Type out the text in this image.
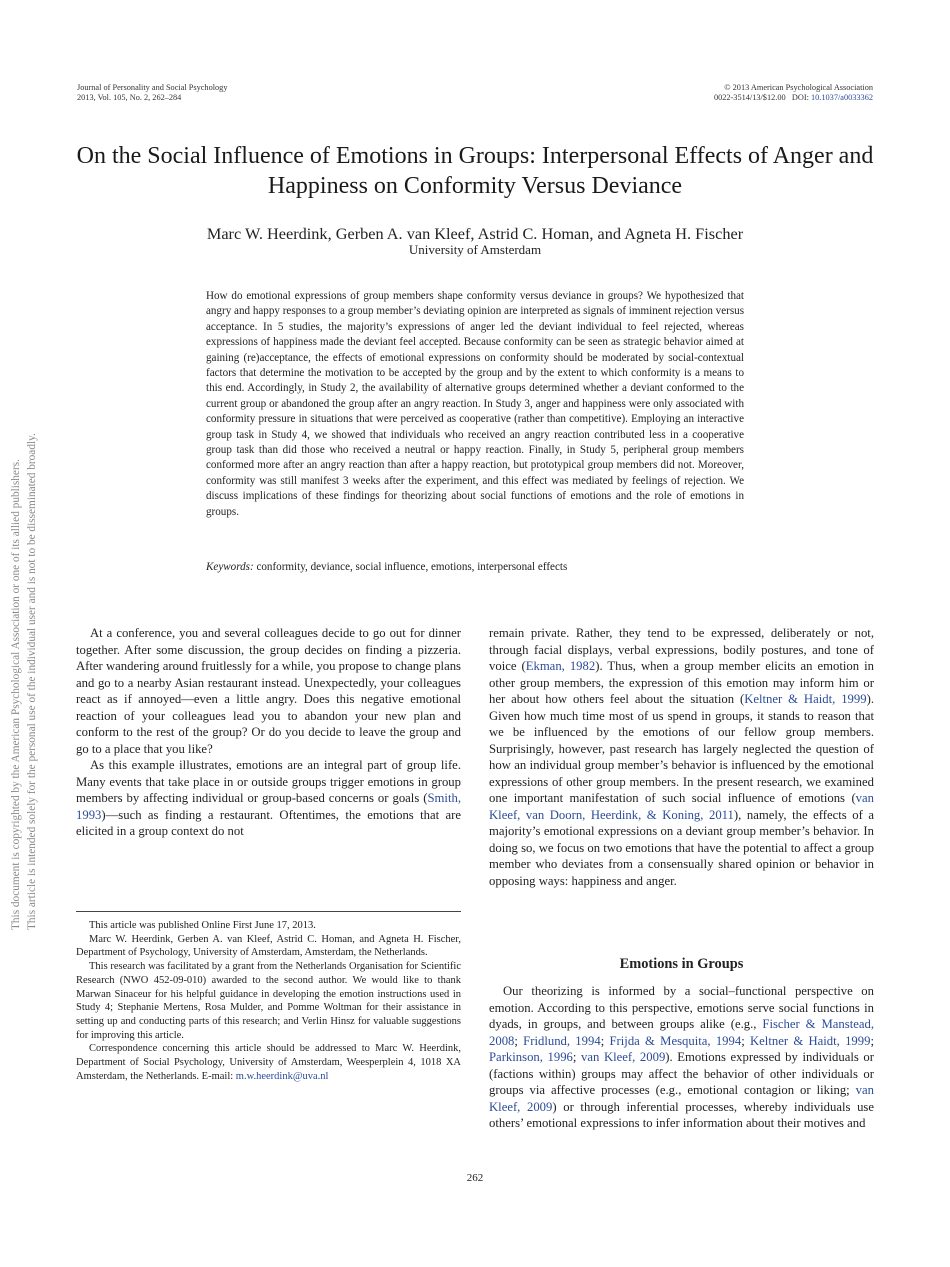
This document is copyrighted by the American Psychological Association or one of its allied publishers. This article is intended solely for the personal use of the individual user and is not to be disseminated broadly.
Journal of Personality and Social Psychology
2013, Vol. 105, No. 2, 262–284
© 2013 American Psychological Association
0022-3514/13/$12.00 DOI: 10.1037/a0033362
On the Social Influence of Emotions in Groups: Interpersonal Effects of Anger and Happiness on Conformity Versus Deviance
Marc W. Heerdink, Gerben A. van Kleef, Astrid C. Homan, and Agneta H. Fischer
University of Amsterdam
How do emotional expressions of group members shape conformity versus deviance in groups? We hypothesized that angry and happy responses to a group member’s deviating opinion are interpreted as signals of imminent rejection versus acceptance. In 5 studies, the majority’s expressions of anger led the deviant individual to feel rejected, whereas expressions of happiness made the deviant feel accepted. Because conformity can be seen as strategic behavior aimed at gaining (re)acceptance, the effects of emotional expressions on conformity should be moderated by social-contextual factors that determine the motivation to be accepted by the group and by the extent to which conformity is a means to this end. Accordingly, in Study 2, the availability of alternative groups determined whether a deviant conformed to the current group or abandoned the group after an angry reaction. In Study 3, anger and happiness were only associated with conformity pressure in situations that were perceived as cooperative (rather than competitive). Employing an interactive group task in Study 4, we showed that individuals who received an angry reaction contributed less in a cooperative group task than did those who received a neutral or happy reaction. Finally, in Study 5, peripheral group members conformed more after an angry reaction than after a happy reaction, but prototypical group members did not. Moreover, conformity was still manifest 3 weeks after the experiment, and this effect was mediated by feelings of rejection. We discuss implications of these findings for theorizing about social functions of emotions and the role of emotions in groups.
Keywords: conformity, deviance, social influence, emotions, interpersonal effects

At a conference, you and several colleagues decide to go out for dinner together. After some discussion, the group decides on finding a pizzeria. After wandering around fruitlessly for a while, you propose to change plans and go to a nearby Asian restaurant instead. Unexpectedly, your colleagues react as if annoyed—even a little angry. Does this negative emotional reaction of your colleagues lead you to abandon your new plan and conform to the rest of the group? Or do you decide to leave the group and go to a place that you like?

As this example illustrates, emotions are an integral part of group life. Many events that take place in or outside groups trigger emotions in group members by affecting individual or group-based concerns or goals (Smith, 1993)—such as finding a restaurant. Oftentimes, the emotions that are elicited in a group context do not

This article was published Online First June 17, 2013.

Marc W. Heerdink, Gerben A. van Kleef, Astrid C. Homan, and Agneta H. Fischer, Department of Psychology, University of Amsterdam, Amsterdam, the Netherlands.

This research was facilitated by a grant from the Netherlands Organisation for Scientific Research (NWO 452-09-010) awarded to the second author. We would like to thank Marwan Sinaceur for his helpful guidance in developing the emotion instructions used in Study 4; Stephanie Mertens, Rosa Mulder, and Pomme Woltman for their assistance in setting up and conducting parts of this research; and Verlin Hinsz for valuable suggestions for improving this article.

Correspondence concerning this article should be addressed to Marc W. Heerdink, Department of Social Psychology, University of Amsterdam, Weesperplein 4, 1018 XA Amsterdam, the Netherlands. E-mail: m.w.heerdink@uva.nl

remain private. Rather, they tend to be expressed, deliberately or not, through facial displays, verbal expressions, bodily postures, and tone of voice (Ekman, 1982). Thus, when a group member elicits an emotion in other group members, the expression of this emotion may inform him or her about how others feel about the situation (Keltner & Haidt, 1999). Given how much time most of us spend in groups, it stands to reason that we be influenced by the emotions of our fellow group members. Surprisingly, however, past research has largely neglected the question of how an individual group member’s behavior is influenced by the emotional expressions of other group members. In the present research, we examined one important manifestation of such social influence of emotions (van Kleef, van Doorn, Heerdink, & Koning, 2011), namely, the effects of a majority’s emotional expressions on a deviant group member’s behavior. In doing so, we focus on two emotions that have the potential to affect a group member who deviates from a consensually shared opinion or behavior in opposing ways: happiness and anger.

Emotions in Groups

Our theorizing is informed by a social–functional perspective on emotion. According to this perspective, emotions serve social functions in dyads, in groups, and between groups alike (e.g., Fischer & Manstead, 2008; Fridlund, 1994; Frijda & Mesquita, 1994; Keltner & Haidt, 1999; Parkinson, 1996; van Kleef, 2009). Emotions expressed by individuals or (factions within) groups may affect the behavior of other individuals or groups via affective processes (e.g., emotional contagion or liking; van Kleef, 2009) or through inferential processes, whereby individuals use others’ emotional expressions to infer information about their motives and

262
